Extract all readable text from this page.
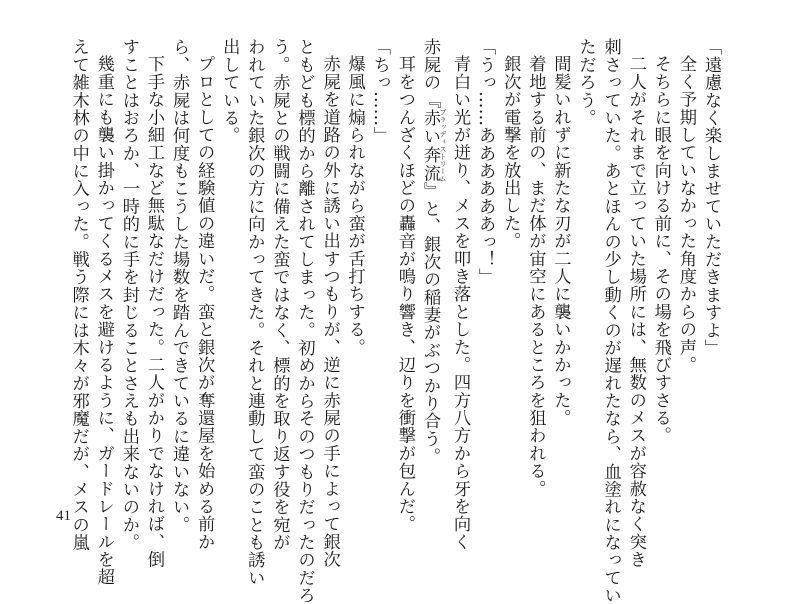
「遠慮なく楽しませていただきますよ」
全く予期していなかった角度からの声。
そちらに眼を向ける前に、その場を飛びすさる。
二人がそれまで立っていた場所には、無数のメスが容赦なく突き
刺さっていた。あとほんの少し動くのが遅れたなら、血塗れになってい
ただろう。
間髪いれずに新たな刃が二人に襲いかかった。
着地する前の、まだ体が宙空にあるところを狙われる。
銀次が電撃を放出した。
「うっ……ああああああっ！」
青白い光が迸り、メスを叩き落とした。四方八方から牙を向く
赤屍の『赤い奔流 ブラッディストリーム』と、銀次の稲妻がぶつかり合う。
耳をつんざくほどの轟音が鳴り響き、辺りを衝撃が包んだ。
「ちっ……」
爆風に煽られながら蛮が舌打ちする。
赤屍を道路の外に誘い出すつもりが、逆に赤屍の手によって銀次
ともども標的から離されてしまった。初めからそのつもりだったのだろ
う。赤屍との戦闘に備えた蛮ではなく、標的を取り返す役を宛が
われていた銀次の方に向かってきた。それと連動して蛮のことも誘い
出している。
プロとしての経験値の違いだ。蛮と銀次が奪還屋を始める前か
ら、赤屍は何度もこうした場数を踏んできているに違いない。
下手な小細工など無駄なだけだった。二人がかりでなければ、倒
すことはおろか、一時的に手を封じることさえも出来ないのか。
幾重にも襲い掛かってくるメスを避けるように、ガードレールを超
えて雑木林の中に入った。戦う際には木々が邪魔だが、メスの嵐
41
